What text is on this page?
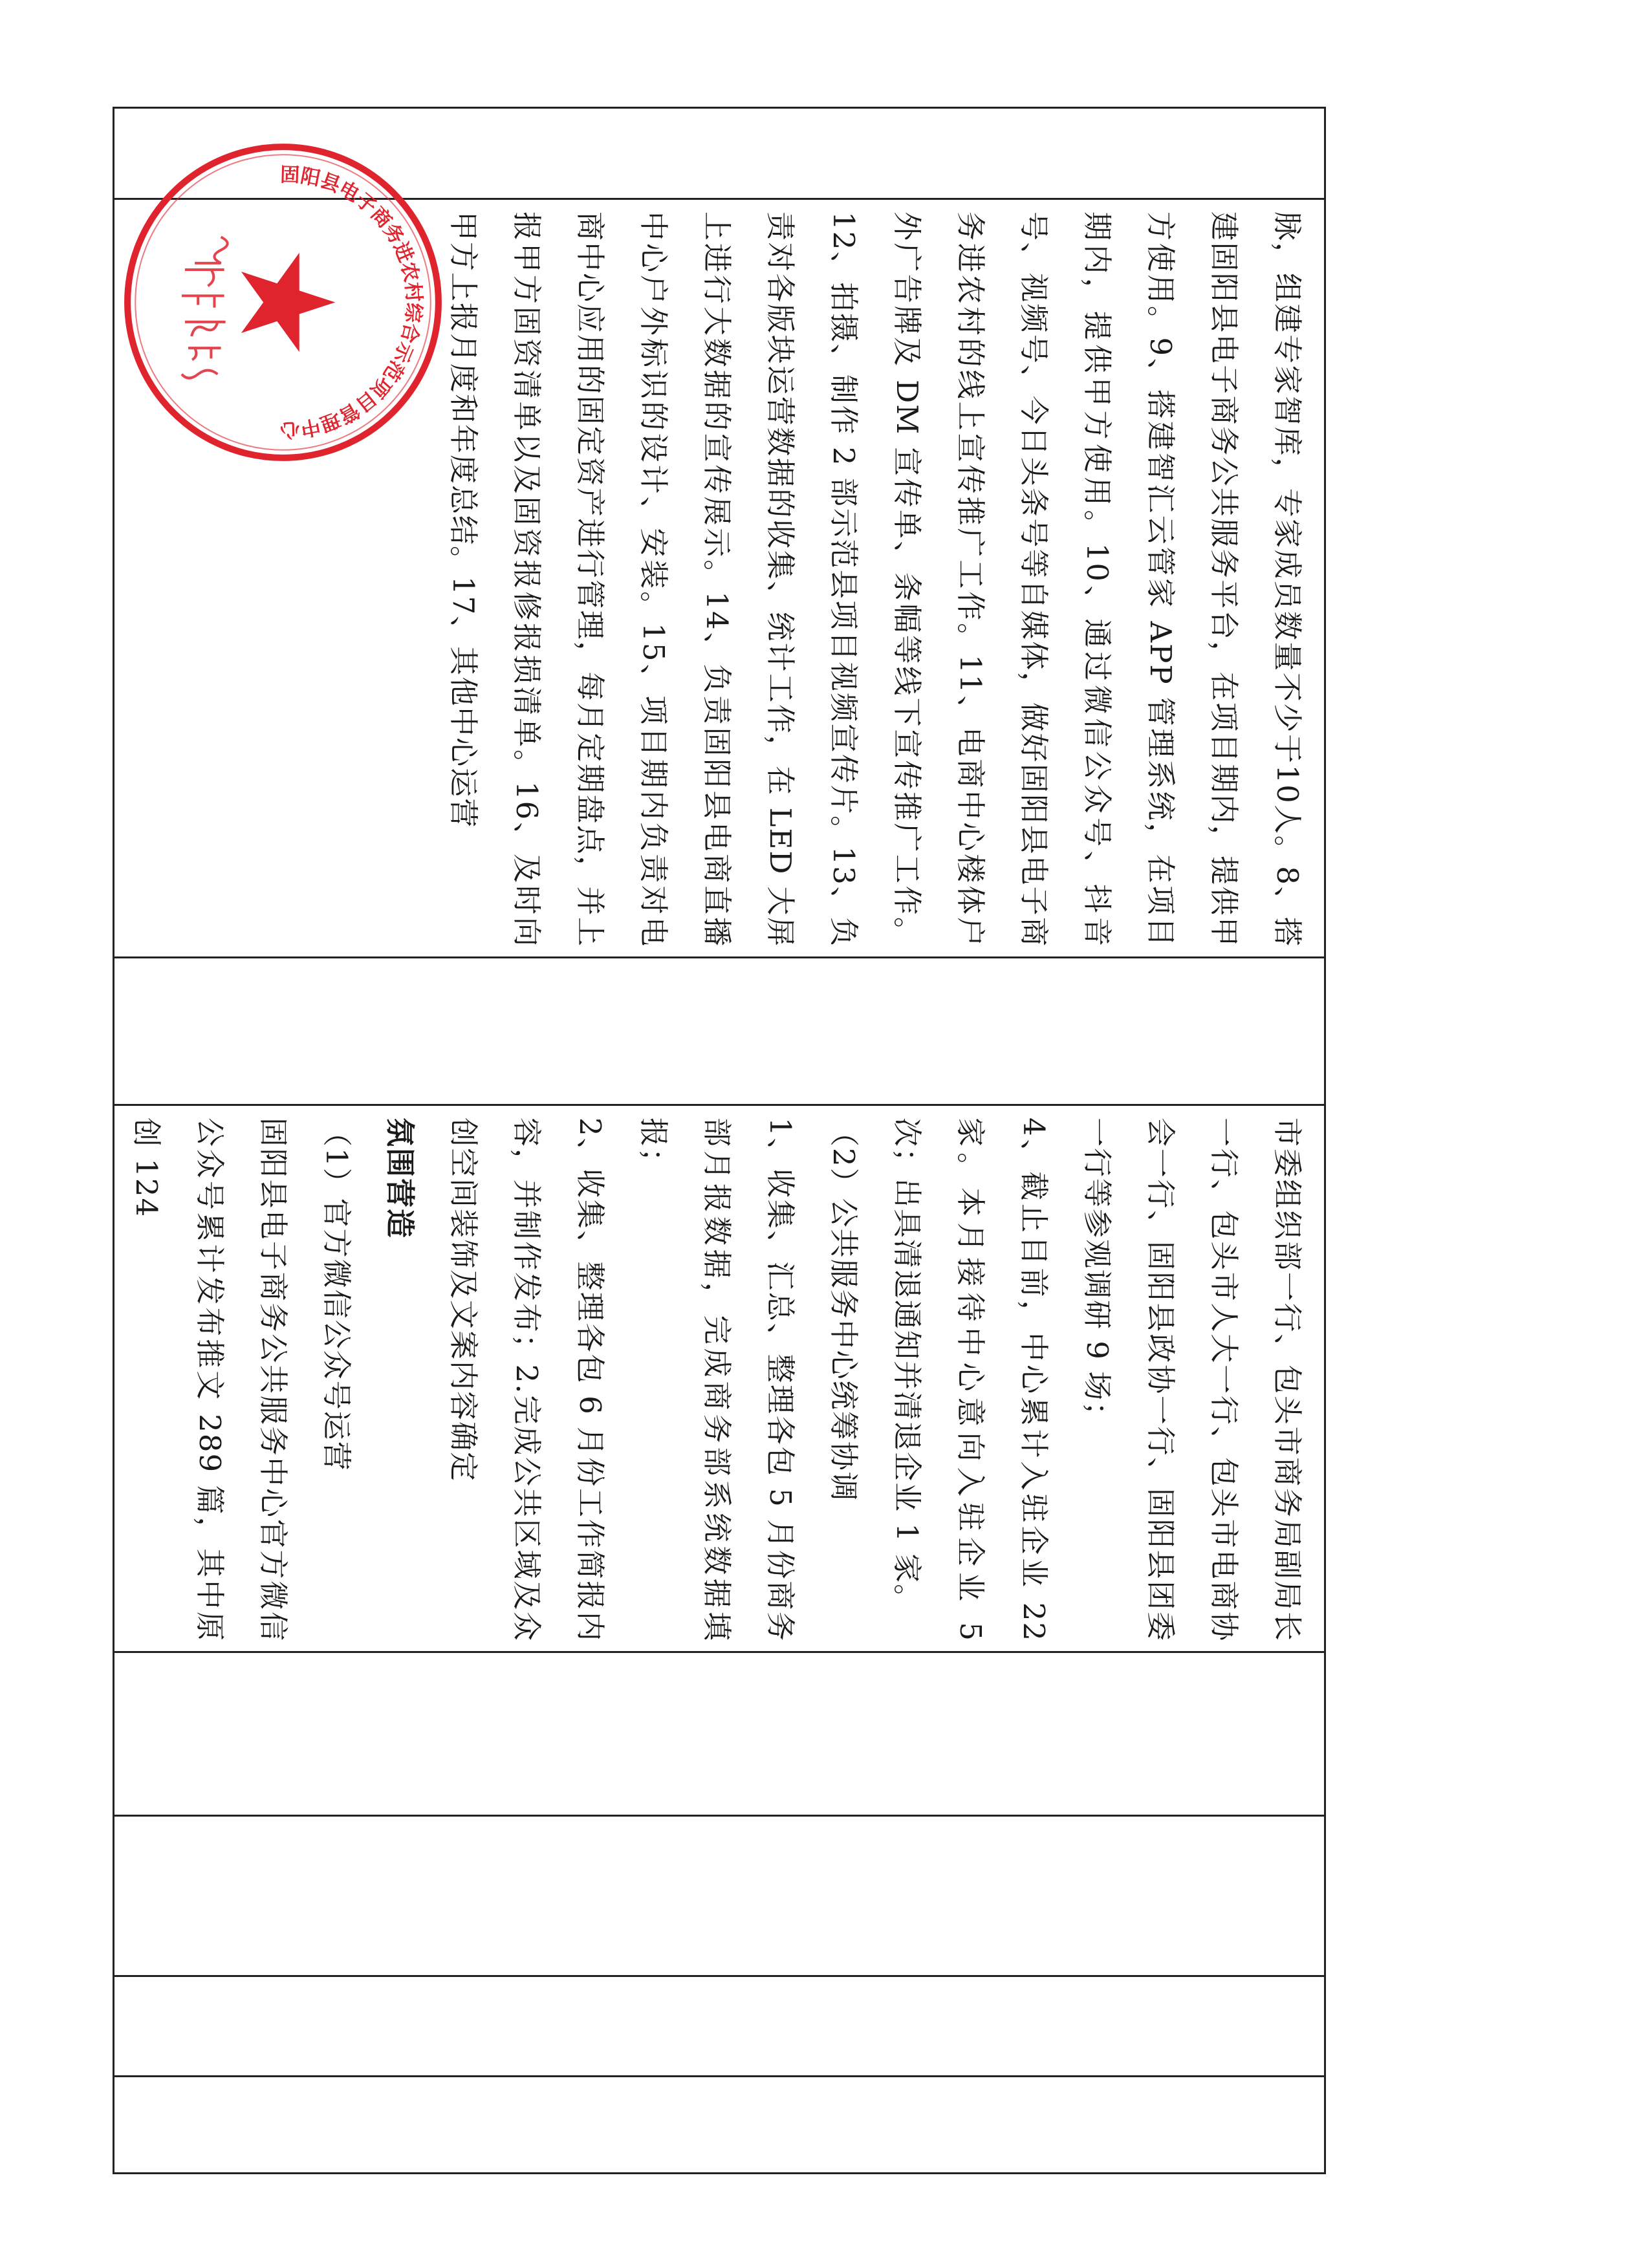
脉，组建专家智库，专家成员数量不少于10人。8、搭建固阳县电子商务公共服务平台，在项目期内，提供甲方使用。9、搭建智汇云管家 APP 管理系统，在项目期内，提供甲方使用。10、通过微信公众号、抖音号、视频号、今日头条号等自媒体，做好固阳县电子商务进农村的线上宣传推广工作。11、电商中心楼体户外广告牌及 DM 宣传单、条幅等线下宣传推广工作。12、拍摄、制作 2 部示范县项目视频宣传片。13、负责对各版块运营数据的收集、统计工作，在 LED 大屏上进行大数据的宣传展示。14、负责固阳县电商直播中心户外标识的设计、安装。15、项目期内负责对电商中心应用的固定资产进行管理，每月定期盘点，并上报甲方固资清单以及固资报修报损清单。16、及时向甲方上报月度和年度总结。17、其他中心运营

市委组织部一行、包头市商务局副局长一行、包头市人大一行、包头市电商协会一行、固阳县政协一行、固阳县团委一行等参观调研 9 场；

4、截止目前，中心累计入驻企业 22 家。本月接待中心意向入驻企业 5 次；出具清退通知并清退企业 1 家。

（2）公共服务中心统筹协调

1、收集、汇总、整理各包 5 月份商务部月报数据，完成商务部系统数据填报；

2、收集、整理各包 6 月份工作简报内容，并制作发布；2.完成公共区域及众创空间装饰及文案内容确定

氛围营造

（1）官方微信公众号运营

固阳县电子商务公共服务中心官方微信公众号累计发布推文 289 篇，其中原创 124

固阳县电子商务进农村综合示范项目管理中心
